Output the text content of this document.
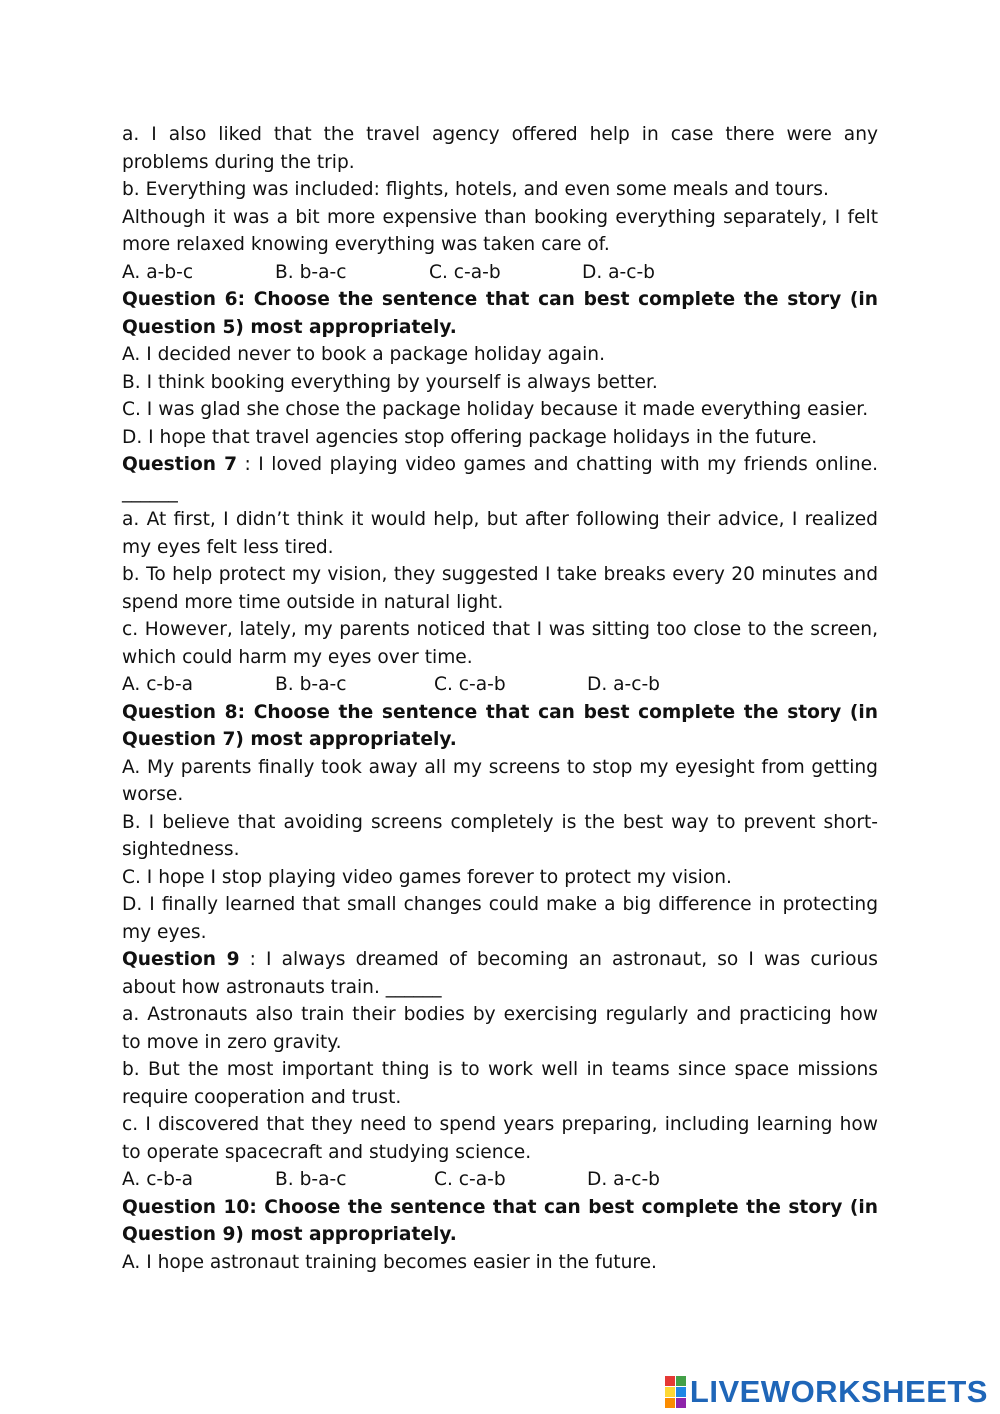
a. I also liked that the travel agency offered help in case there were any problems during the trip.

b. Everything was included: flights, hotels, and even some meals and tours.

Although it was a bit more expensive than booking everything separately, I felt more relaxed knowing everything was taken care of.

A. a-b-c	B. b-a-c	C. c-a-b	D. a-c-b

Question 6: Choose the sentence that can best complete the story (in Question 5) most appropriately.

A. I decided never to book a package holiday again.

B. I think booking everything by yourself is always better.

C. I was glad she chose the package holiday because it made everything easier.

D. I hope that travel agencies stop offering package holidays in the future.

Question 7 : I loved playing video games and chatting with my friends online. ______

a. At first, I didn’t think it would help, but after following their advice, I realized my eyes felt less tired.

b. To help protect my vision, they suggested I take breaks every 20 minutes and spend more time outside in natural light.

c. However, lately, my parents noticed that I was sitting too close to the screen, which could harm my eyes over time.

A. c-b-a	B. b-a-c	C. c-a-b	D. a-c-b

Question 8: Choose the sentence that can best complete the story (in Question 7) most appropriately.

A. My parents finally took away all my screens to stop my eyesight from getting worse.

B. I believe that avoiding screens completely is the best way to prevent short-sightedness.

C. I hope I stop playing video games forever to protect my vision.

D. I finally learned that small changes could make a big difference in protecting my eyes.

Question 9 : I always dreamed of becoming an astronaut, so I was curious about how astronauts train. ______

a. Astronauts also train their bodies by exercising regularly and practicing how to move in zero gravity.

b. But the most important thing is to work well in teams since space missions require cooperation and trust.

c. I discovered that they need to spend years preparing, including learning how to operate spacecraft and studying science.

A. c-b-a	B. b-a-c	C. c-a-b	D. a-c-b

Question 10: Choose the sentence that can best complete the story (in Question 9) most appropriately.

A. I hope astronaut training becomes easier in the future.

LIVEWORKSHEETS
